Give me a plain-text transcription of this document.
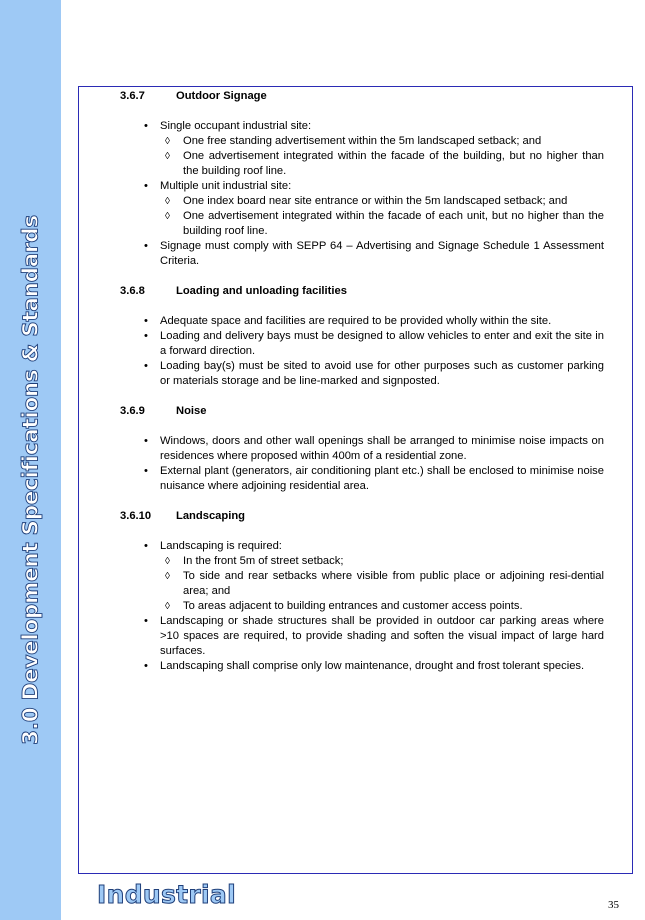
3.0 Development Specifications & Standards
3.6.7	Outdoor Signage
• Single occupant industrial site:
◊ One free standing advertisement within the 5m landscaped setback; and
◊ One advertisement integrated within the facade of the building, but no higher than the building roof line.
• Multiple unit industrial site:
◊ One index board near site entrance or within the 5m landscaped setback; and
◊ One advertisement integrated within the facade of each unit, but no higher than the building roof line.
• Signage must comply with SEPP 64 – Advertising and Signage Schedule 1 Assessment Criteria.
3.6.8	Loading and unloading facilities
• Adequate space and facilities are required to be provided wholly within the site.
• Loading and delivery bays must be designed to allow vehicles to enter and exit the site in a forward direction.
• Loading bay(s) must be sited to avoid use for other purposes such as customer parking or materials storage and be line-marked and signposted.
3.6.9	Noise
• Windows, doors and other wall openings shall be arranged to minimise noise impacts on residences where proposed within 400m of a residential zone.
• External plant (generators, air conditioning plant etc.) shall be enclosed to minimise noise nuisance where adjoining residential area.
3.6.10 Landscaping
• Landscaping is required:
◊ In the front 5m of street setback;
◊ To side and rear setbacks where visible from public place or adjoining resi-dential area; and
◊ To areas adjacent to building entrances and customer access points.
• Landscaping or shade structures shall be provided in outdoor car parking areas where >10 spaces are required, to provide shading and soften the visual impact of large hard surfaces.
• Landscaping shall comprise only low maintenance, drought and frost tolerant species.
Industrial	35
